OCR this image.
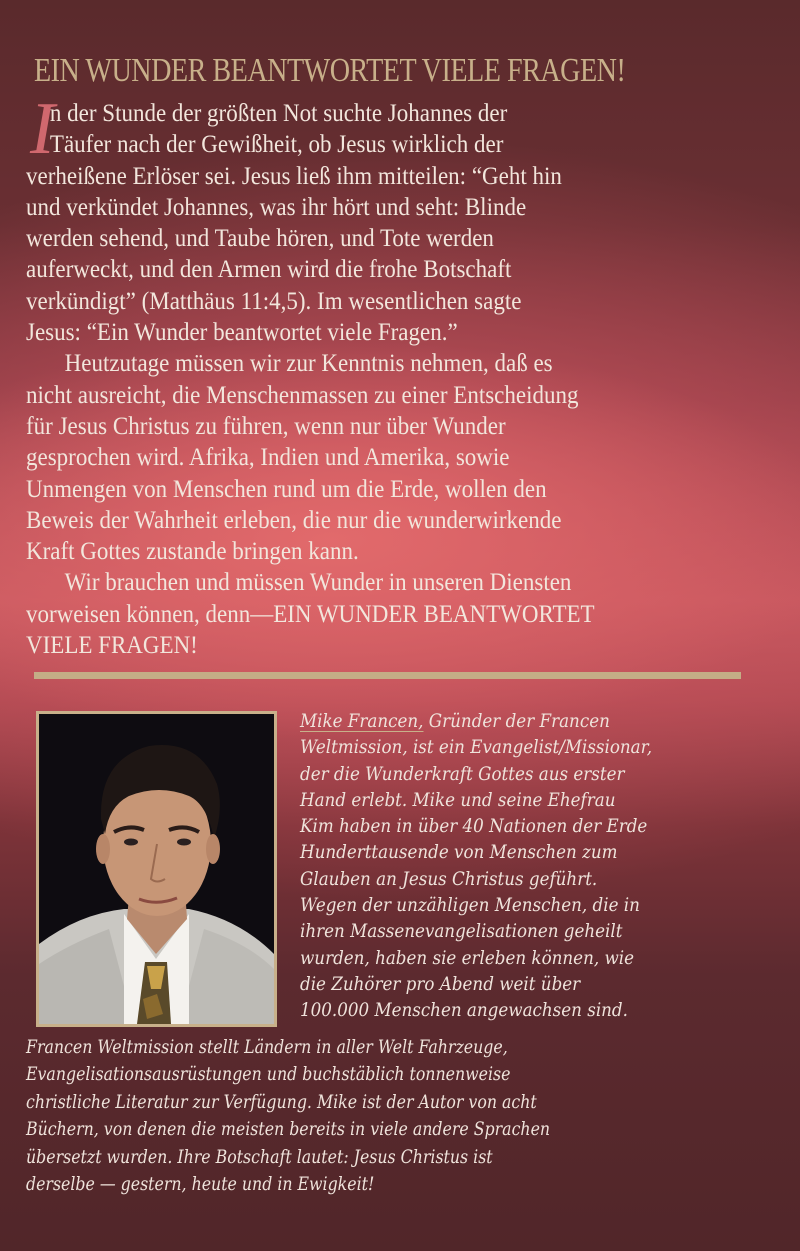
EIN WUNDER BEANTWORTET VIELE FRAGEN!
I

n der Stunde der größten Not suchte Johannes der
Täufer nach der Gewißheit, ob Jesus wirklich der

verheißene Erlöser sei. Jesus ließ ihm mitteilen: “Geht hin
und verkündet Johannes, was ihr hört und seht: Blinde
werden sehend, und Taube hören, und Tote werden
auferweckt, und den Armen wird die frohe Botschaft
verkündigt” (Matthäus 11:4,5). Im wesentlichen sagte
Jesus: “Ein Wunder beantwortet viele Fragen.”

Heutzutage müssen wir zur Kenntnis nehmen, daß es
nicht ausreicht, die Menschenmassen zu einer Entscheidung
für Jesus Christus zu führen, wenn nur über Wunder
gesprochen wird. Afrika, Indien und Amerika, sowie
Unmengen von Menschen rund um die Erde, wollen den
Beweis der Wahrheit erleben, die nur die wunderwirkende
Kraft Gottes zustande bringen kann.

Wir brauchen und müssen Wunder in unseren Diensten
vorweisen können, denn—EIN WUNDER BEANTWORTET
VIELE FRAGEN!

Mike Francen, Gründer der Francen
Weltmission, ist ein Evangelist/Missionar,
der die Wunderkraft Gottes aus erster
Hand erlebt. Mike und seine Ehefrau
Kim haben in über 40 Nationen der Erde
Hunderttausende von Menschen zum
Glauben an Jesus Christus geführt.
Wegen der unzähligen Menschen, die in
ihren Massenevangelisationen geheilt
wurden, haben sie erleben können, wie
die Zuhörer pro Abend weit über
100.000 Menschen angewachsen sind.
Francen Weltmission stellt Ländern in aller Welt Fahrzeuge,
Evangelisationsausrüstungen und buchstäblich tonnenweise
christliche Literatur zur Verfügung. Mike ist der Autor von acht
Büchern, von denen die meisten bereits in viele andere Sprachen
übersetzt wurden. Ihre Botschaft lautet: Jesus Christus ist
derselbe — gestern, heute und in Ewigkeit!
